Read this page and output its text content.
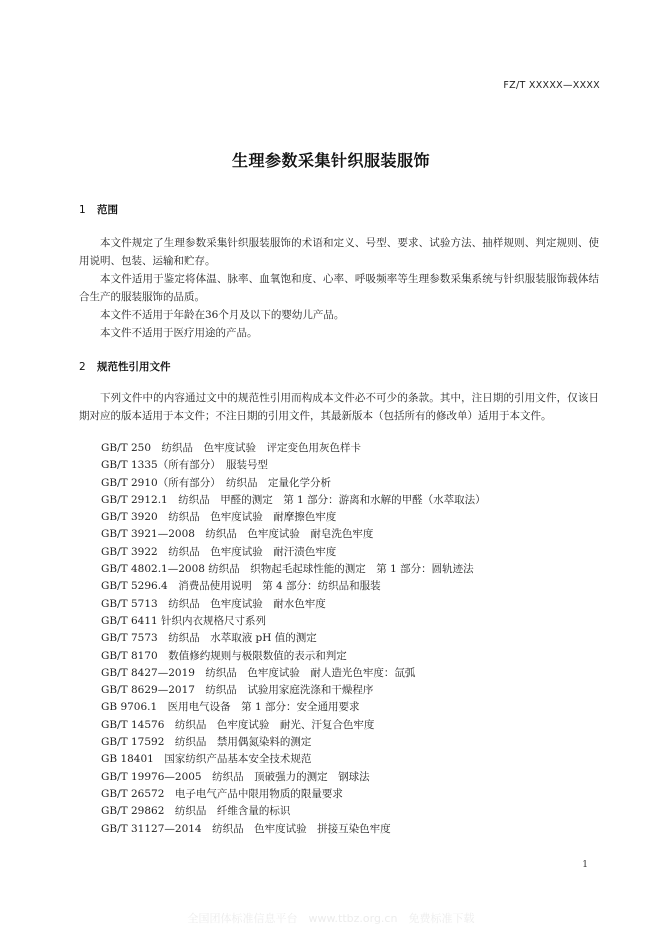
FZ/T XXXXX—XXXX
生理参数采集针织服装服饰
1 范围
本文件规定了生理参数采集针织服装服饰的术语和定义、号型、要求、试验方法、抽样规则、判定规则、使用说明、包装、运输和贮存。
本文件适用于鉴定将体温、脉率、血氧饱和度、心率、呼吸频率等生理参数采集系统与针织服装服饰载体结合生产的服装服饰的品质。
本文件不适用于年龄在36个月及以下的婴幼儿产品。
本文件不适用于医疗用途的产品。
2 规范性引用文件
下列文件中的内容通过文中的规范性引用而构成本文件必不可少的条款。其中，注日期的引用文件，仅该日期对应的版本适用于本文件；不注日期的引用文件，其最新版本（包括所有的修改单）适用于本文件。
GB/T 250　纺织品　色牢度试验　评定变色用灰色样卡
GB/T 1335（所有部分）　服装号型
GB/T 2910（所有部分）　纺织品　定量化学分析
GB/T 2912.1　纺织品　甲醛的测定　第 1 部分：游离和水解的甲醛（水萃取法）
GB/T 3920　纺织品　色牢度试验　耐摩擦色牢度
GB/T 3921—2008　纺织品　色牢度试验　耐皂洗色牢度
GB/T 3922　纺织品　色牢度试验　耐汗渍色牢度
GB/T 4802.1—2008 纺织品　织物起毛起球性能的测定　第 1 部分：圆轨迹法
GB/T 5296.4　消费品使用说明　第 4 部分：纺织品和服装
GB/T 5713　纺织品　色牢度试验　耐水色牢度
GB/T 6411 针织内衣规格尺寸系列
GB/T 7573　纺织品　水萃取液 pH 值的测定
GB/T 8170　数值修约规则与极限数值的表示和判定
GB/T 8427—2019　纺织品　色牢度试验　耐人造光色牢度：氙弧
GB/T 8629—2017　纺织品　试验用家庭洗涤和干燥程序
GB 9706.1　医用电气设备　第 1 部分：安全通用要求
GB/T 14576　纺织品　色牢度试验　耐光、汗复合色牢度
GB/T 17592　纺织品　禁用偶氮染料的测定
GB 18401　国家纺织产品基本安全技术规范
GB/T 19976—2005　纺织品　顶破强力的测定　钢球法
GB/T 26572　电子电气产品中限用物质的限量要求
GB/T 29862　纺织品　纤维含量的标识
GB/T 31127—2014　纺织品　色牢度试验　拼接互染色牢度
1
全国团体标准信息平台　www.ttbz.org.cn　免费标准下载
